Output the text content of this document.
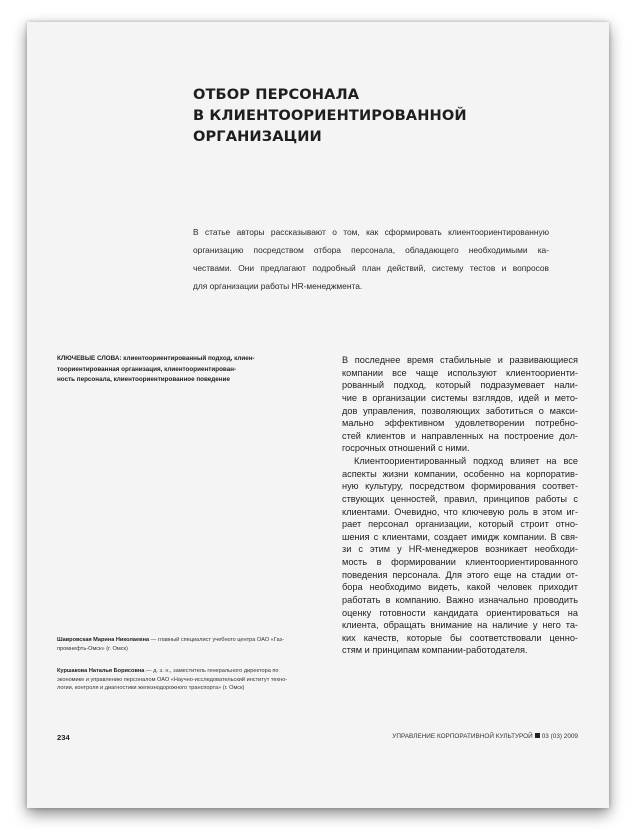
ОТБОР ПЕРСОНАЛА
В КЛИЕНТООРИЕНТИРОВАННОЙ
ОРГАНИЗАЦИИ
В статье авторы рассказывают о том, как сформировать клиентоориентированную
организацию посредством отбора персонала, обладающего необходимыми ка-
чествами. Они предлагают подробный план действий, систему тестов и вопросов
для организации работы HR-менеджмента.
КЛЮЧЕВЫЕ СЛОВА: клиентоориентированный подход, клиен-
тоориентированная организация, клиентоориентирован-
ность персонала, клиентоориентированное поведение
В последнее время стабильные и развивающиеся
компании все чаще используют клиентоориенти-
рованный подход, который подразумевает нали-
чие в организации системы взглядов, идей и мето-
дов управления, позволяющих заботиться о макси-
мально эффективном удовлетворении потребно-
стей клиентов и направленных на построение дол-
госрочных отношений с ними.
Клиентоориентированный подход влияет на все
аспекты жизни компании, особенно на корпоратив-
ную культуру, посредством формирования соответ-
ствующих ценностей, правил, принципов работы с
клиентами. Очевидно, что ключевую роль в этом иг-
рает персонал организации, который строит отно-
шения с клиентами, создает имидж компании. В свя-
зи с этим у HR-менеджеров возникает необходи-
мость в формировании клиентоориентированного
поведения персонала. Для этого еще на стадии от-
бора необходимо видеть, какой человек приходит
работать в компанию. Важно изначально проводить
оценку готовности кандидата ориентироваться на
клиента, обращать внимание на наличие у него та-
ких качеств, которые бы соответствовали ценно-
стям и принципам компании-работодателя.
Шавровская Марина Николаевна — главный специалист учебного центра ОАО «Газ-
промнефть-Омск» (г. Омск)
Куршакова Наталья Борисовна — д. э. н., заместитель генерального директора по
экономике и управлению персоналом ОАО «Научно-исследовательский институт техно-
логии, контроля и диагностики железнодорожного транспорта» (г. Омск)
234	УПРАВЛЕНИЕ КОРПОРАТИВНОЙ КУЛЬТУРОЙ 03 (03) 2009
